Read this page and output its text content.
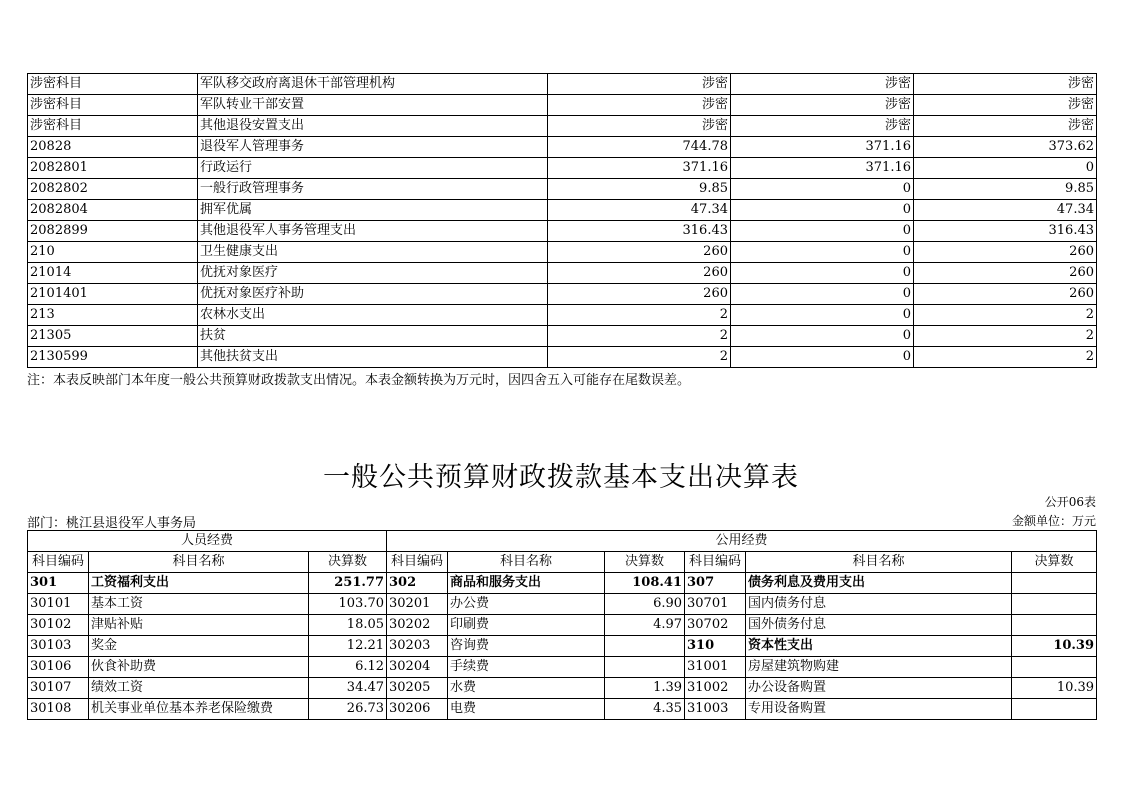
涉密科目	军队移交政府离退休干部管理机构	涉密	涉密	涉密
涉密科目	军队转业干部安置	涉密	涉密	涉密
涉密科目	其他退役安置支出	涉密	涉密	涉密
20828	退役军人管理事务	744.78	371.16	373.62
2082801	行政运行	371.16	371.16	0
2082802	一般行政管理事务	9.85	0	9.85
2082804	拥军优属	47.34	0	47.34
2082899	其他退役军人事务管理支出	316.43	0	316.43
210	卫生健康支出	260	0	260
21014	优抚对象医疗	260	0	260
2101401	优抚对象医疗补助	260	0	260
213	农林水支出	2	0	2
21305	扶贫	2	0	2
2130599	其他扶贫支出	2	0	2
注：本表反映部门本年度一般公共预算财政拨款支出情况。本表金额转换为万元时，因四舍五入可能存在尾数误差。
一般公共预算财政拨款基本支出决算表
公开06表
部门：桃江县退役军人事务局	金额单位：万元
人员经费			公用经费					
科目编码	科目名称	决算数	科目编码	科目名称	决算数	科目编码	科目名称	决算数
301	工资福利支出	251.77	302	商品和服务支出	108.41	307	债务利息及费用支出	
30101	基本工资	103.70	30201	办公费	6.90	30701	国内债务付息	
30102	津贴补贴	18.05	30202	印刷费	4.97	30702	国外债务付息	
30103	奖金	12.21	30203	咨询费		310	资本性支出	10.39
30106	伙食补助费	6.12	30204	手续费		31001	房屋建筑物购建	
30107	绩效工资	34.47	30205	水费	1.39	31002	办公设备购置	10.39
30108	机关事业单位基本养老保险缴费	26.73	30206	电费	4.35	31003	专用设备购置	
